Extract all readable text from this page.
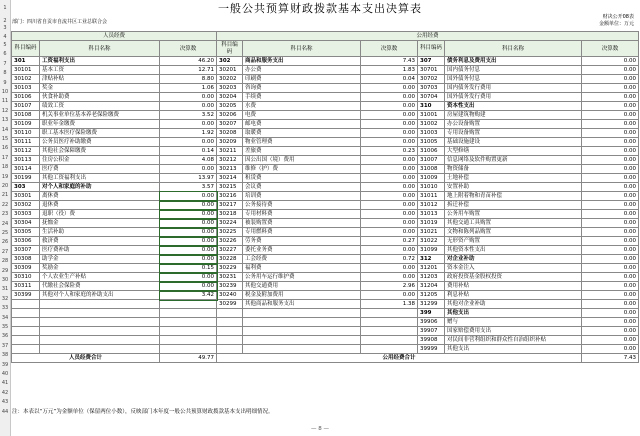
1
2
3
4
5
6
7
8
9
10
11
12
13
14
15
16
17
18
19
20
21
22
23
24
25
26
27
28
29
30
31
32
33
34
35
36
37
38
39
40
41
42
43
44
一般公共预算财政拨款基本支出决算表
部门：四川省自贡市自流井区工业总联合会
财决公开08表
金额单位：万元
人员经费			公用经费					
科目编码	科目名称	决算数	科目编码	科目名称	决算数	科目编码	科目名称	决算数
301	工资福利支出	46.20	302	商品和服务支出	7.43	307	债务利息及费用支出	0.00
30101	基本工资	12.71	30201	办公费	1.83	30701	国内债务付息	0.00
30102	津贴补贴	8.80	30202	印刷费	0.04	30702	国外债务付息	0.00
30103	奖金	1.06	30203	咨询费	0.00	30703	国内债务发行费用	0.00
30106	伙食补助费	0.00	30204	手续费	0.00	30704	国外债务发行费用	0.00
30107	绩效工资	0.00	30205	水费	0.00	310	资本性支出	0.00
30108	机关事业单位基本养老保险缴费	3.52	30206	电费	0.00	31001	房屋建筑物购建	0.00
30109	职业年金缴费	0.00	30207	邮电费	0.00	31002	办公设备购置	0.00
30110	职工基本医疗保险缴费	1.92	30208	取暖费	0.00	31003	专用设备购置	0.00
30111	公务员医疗补助缴费	0.00	30209	物业管理费	0.00	31005	基础设施建设	0.00
30112	其他社会保障缴费	0.14	30211	差旅费	0.23	31006	大型修缮	0.00
30113	住房公积金	4.08	30212	因公出国（境）费用	0.00	31007	信息网络及软件购置更新	0.00
30114	医疗费	0.00	30213	维修（护）费	0.00	31008	物资储备	0.00
30199	其他工资福利支出	13.97	30214	租赁费	0.00	31009	土地补偿	0.00
303	对个人和家庭的补助	3.57	30215	会议费	0.00	31010	安置补助	0.00
30301	离休费	0.00	30216	培训费	0.00	31011	地上附着物和青苗补偿	0.00
30302	退休费	0.00	30217	公务接待费	0.00	31012	拆迁补偿	0.00
30303	退职（役）费	0.00	30218	专用材料费	0.00	31013	公务用车购置	0.00
30304	抚恤金	0.00	30224	被装购置费	0.00	31019	其他交通工具购置	0.00
30305	生活补助	0.00	30225	专用燃料费	0.00	31021	文物和陈列品购置	0.00
30306	救济费	0.00	30226	劳务费	0.27	31022	无形资产购置	0.00
30307	医疗费补助	0.00	30227	委托业务费	0.00	31099	其他资本性支出	0.00
30308	助学金	0.00	30228	工会经费	0.72	312	对企业补助	0.00
30309	奖励金	0.15	30229	福利费	0.00	31201	资本金注入	0.00
30310	个人农业生产补贴	0.00	30231	公务用车运行维护费	0.00	31203	政府投资基金股权投资	0.00
30311	代缴社会保险费	0.00	30239	其他交通费用	2.96	31204	费用补贴	0.00
30399	其他对个人和家庭的补助支出	3.42	30240	税金及附加费用	0.00	31205	利息补贴	0.00
			30299	其他商品和服务支出	1.38	31299	其他对企业补助	0.00
						399	其他支出	0.00
						39906	赠与	0.00
						39907	国家赔偿费用支出	0.00
						39908	对民间非营利组织和群众性自治组织补贴	0.00
						39999	其他支出	0.00
人员经费合计		49.77	公用经费合计					7.43
注：本表以“万元”为金额单位（保留两位小数），反映部门本年度一般公共预算财政拨款基本支出明细情况。
— 8 —
